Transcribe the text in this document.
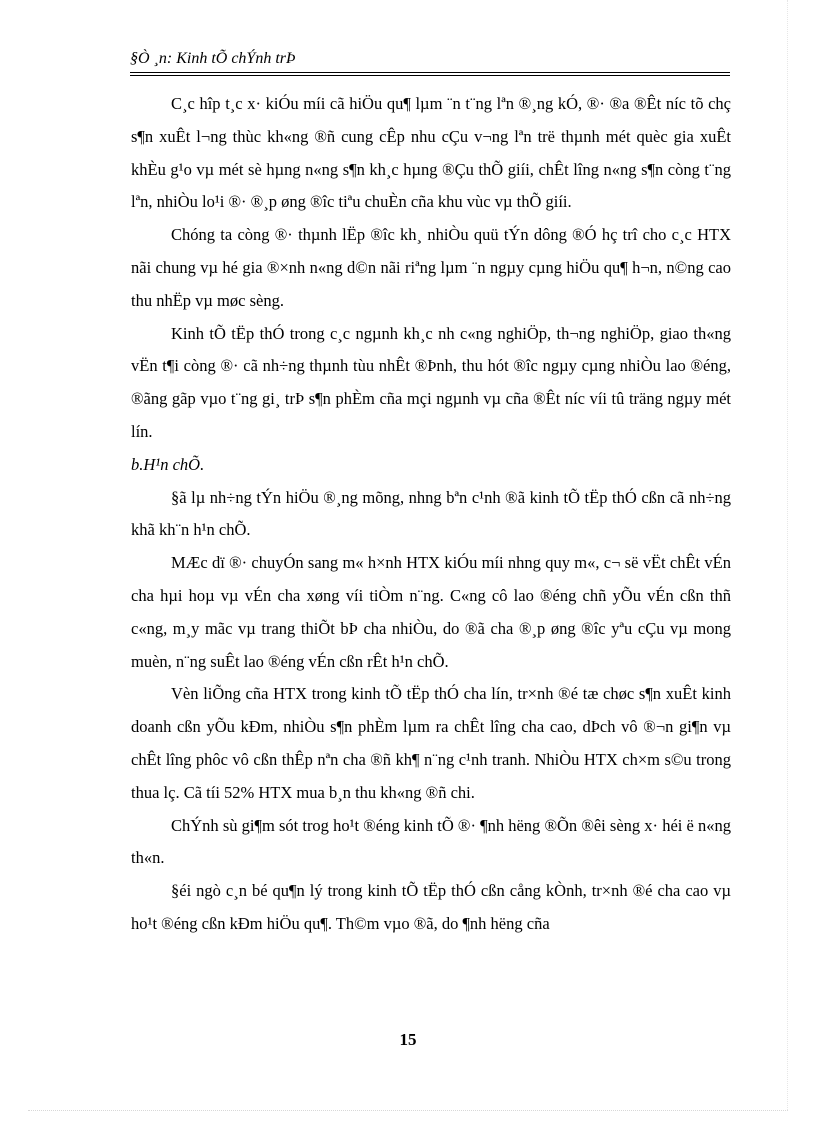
§Ò ¸n: Kinh tÕ chÝnh trÞ

C¸c hîp t¸c x· kiÓu míi cã hiÖu qu¶ lµm ¨n t¨ng lªn ®¸ng kÓ, ®· ®a ®Êt níc tõ chç s¶n xuÊt l¬ng thùc kh«ng ®ñ cung cÊp nhu cÇu v¬ng lªn trë thµnh mét quèc gia xuÊt khÈu g¹o vµ mét sè hµng n«ng s¶n kh¸c hµng ®Çu thÕ giíi, chÊt lîng n«ng s¶n còng t¨ng lªn, nhiÒu lo¹i ®· ®¸p øng ®îc tiªu chuÈn cña khu vùc vµ thÕ giíi.

Chóng ta còng ®· thµnh lËp ®îc kh¸ nhiÒu quü tÝn dông ®Ó hç trî cho c¸c HTX nãi chung vµ hé gia ®×nh n«ng d©n nãi riªng lµm ¨n ngµy cµng hiÖu qu¶ h¬n, n©ng cao thu nhËp vµ møc sèng.

Kinh tÕ tËp thÓ trong c¸c ngµnh kh¸c nh c«ng nghiÖp, th¬ng nghiÖp, giao th«ng vËn t¶i còng ®· cã nh÷ng thµnh tùu nhÊt ®Þnh, thu hót ®îc ngµy cµng nhiÒu lao ®éng, ®ãng gãp vµo t¨ng gi¸ trÞ s¶n phÈm cña mçi ngµnh vµ cña ®Êt níc víi tû träng ngµy mét lín.

b.H¹n chÕ.

§ã lµ nh÷ng tÝn hiÖu ®¸ng mõng, nhng bªn c¹nh ®ã kinh tÕ tËp thÓ cßn cã nh÷ng khã kh¨n h¹n chÕ.

MÆc dï ®· chuyÓn sang m« h×nh HTX kiÓu míi nhng quy m«, c¬ së vËt chÊt vÉn cha hµi hoµ vµ vÉn cha xøng víi tiÒm n¨ng. C«ng cô lao ®éng chñ yÕu vÉn cßn thñ c«ng, m¸y mãc vµ trang thiÕt bÞ cha nhiÒu, do ®ã cha ®¸p øng ®îc yªu cÇu vµ mong muèn, n¨ng suÊt lao ®éng vÉn cßn rÊt h¹n chÕ.

Vèn liÕng cña HTX trong kinh tÕ tËp thÓ cha lín, tr×nh ®é tæ chøc s¶n xuÊt kinh doanh cßn yÕu kÐm, nhiÒu s¶n phÈm lµm ra chÊt lîng cha cao, dÞch vô ®¬n gi¶n vµ chÊt lîng phôc vô cßn thÊp nªn cha ®ñ kh¶ n¨ng c¹nh tranh. NhiÒu HTX ch×m s©u trong thua lç. Cã tíi 52% HTX mua b¸n thu kh«ng ®ñ chi.

ChÝnh sù gi¶m sót trog ho¹t ®éng kinh tÕ ®· ¶nh hëng ®Õn ®êi sèng x· héi ë n«ng th«n.

§éi ngò c¸n bé qu¶n lý trong kinh tÕ tËp thÓ cßn cång kÒnh, tr×nh ®é cha cao vµ ho¹t ®éng cßn kÐm hiÖu qu¶. Th©m vµo ®ã, do ¶nh hëng cña

15
